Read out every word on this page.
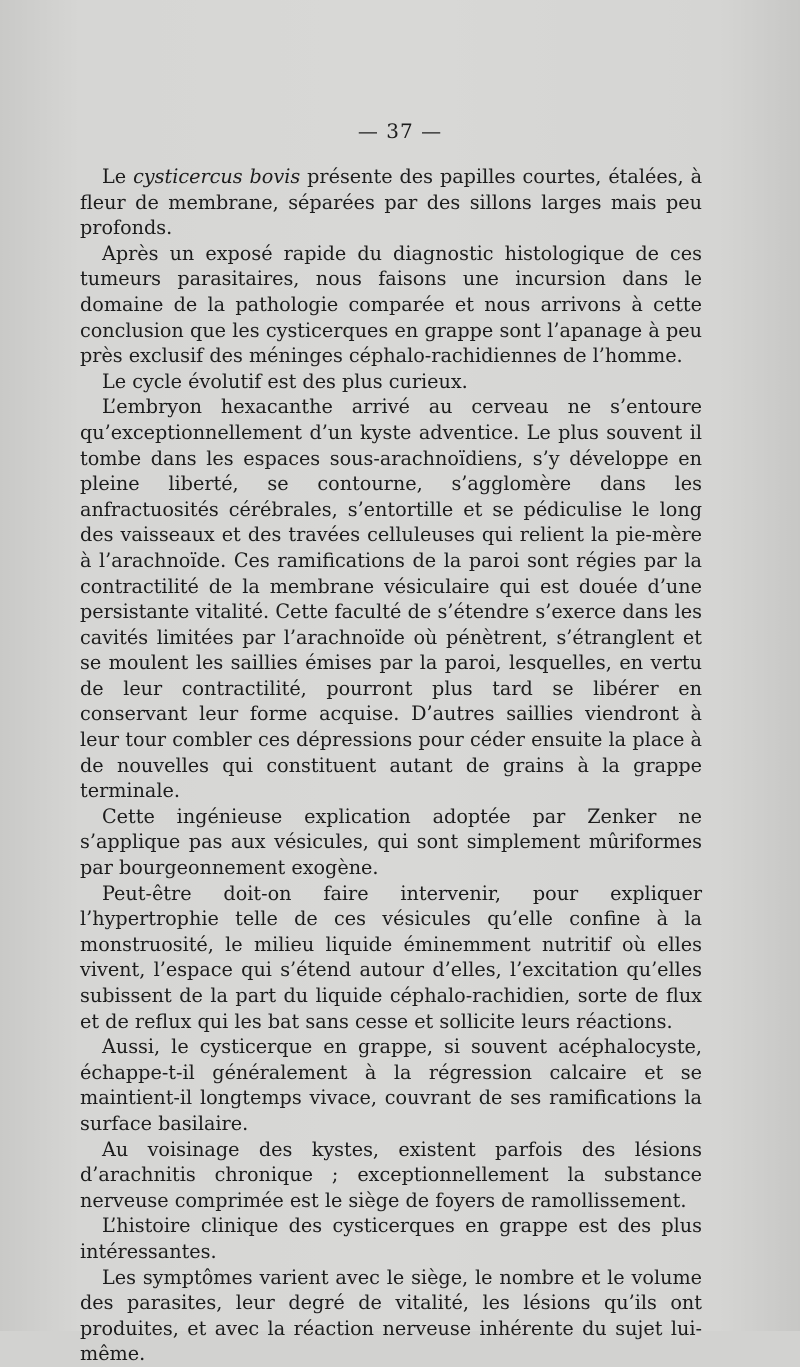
— 37 —

Le cysticercus bovis présente des papilles courtes, étalées, à fleur de membrane, séparées par des sillons larges mais peu profonds.

Après un exposé rapide du diagnostic histologique de ces tumeurs parasitaires, nous faisons une incursion dans le domaine de la pathologie comparée et nous arrivons à cette conclusion que les cysticerques en grappe sont l’apanage à peu près exclusif des méninges céphalo-rachidiennes de l’homme.

Le cycle évolutif est des plus curieux.

L’embryon hexacanthe arrivé au cerveau ne s’entoure qu’exceptionnellement d’un kyste adventice. Le plus souvent il tombe dans les espaces sous-arachnoïdiens, s’y développe en pleine liberté, se contourne, s’agglomère dans les anfractuosités cérébrales, s’entortille et se pédiculise le long des vaisseaux et des travées celluleuses qui relient la pie-mère à l’arachnoïde. Ces ramifications de la paroi sont régies par la contractilité de la membrane vésiculaire qui est douée d’une persistante vitalité. Cette faculté de s’étendre s’exerce dans les cavités limitées par l’arachnoïde où pénètrent, s’étranglent et se moulent les saillies émises par la paroi, lesquelles, en vertu de leur contractilité, pourront plus tard se libérer en conservant leur forme acquise. D’autres saillies viendront à leur tour combler ces dépressions pour céder ensuite la place à de nouvelles qui constituent autant de grains à la grappe terminale.

Cette ingénieuse explication adoptée par Zenker ne s’applique pas aux vésicules, qui sont simplement mûriformes par bourgeonnement exogène.

Peut-être doit-on faire intervenir, pour expliquer l’hypertrophie telle de ces vésicules qu’elle confine à la monstruosité, le milieu liquide éminemment nutritif où elles vivent, l’espace qui s’étend autour d’elles, l’excitation qu’elles subissent de la part du liquide céphalo-rachidien, sorte de flux et de reflux qui les bat sans cesse et sollicite leurs réactions.

Aussi, le cysticerque en grappe, si souvent acéphalocyste, échappe-t-il généralement à la régression calcaire et se maintient-il longtemps vivace, couvrant de ses ramifications la surface basilaire.

Au voisinage des kystes, existent parfois des lésions d’arachnitis chronique ; exceptionnellement la substance nerveuse comprimée est le siège de foyers de ramollissement.

L’histoire clinique des cysticerques en grappe est des plus intéressantes.

Les symptômes varient avec le siège, le nombre et le volume des parasites, leur degré de vitalité, les lésions qu’ils ont produites, et avec la réaction nerveuse inhérente du sujet lui-même.
